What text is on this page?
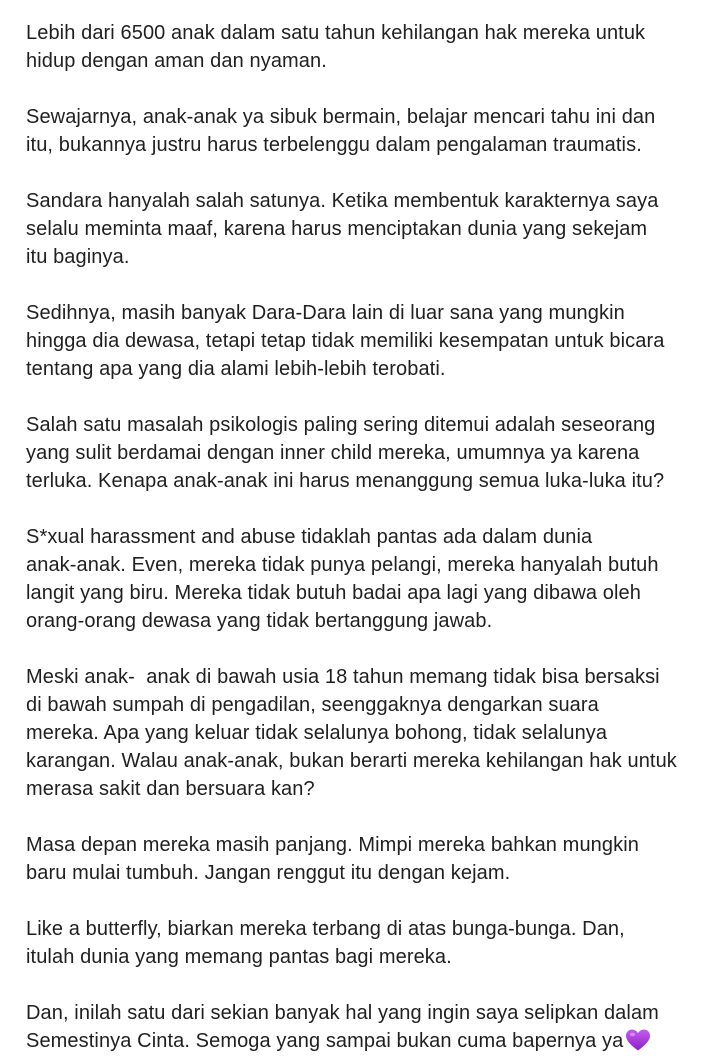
Lebih dari 6500 anak dalam satu tahun kehilangan hak mereka untuk
hidup dengan aman dan nyaman.

Sewajarnya, anak-anak ya sibuk bermain, belajar mencari tahu ini dan
itu, bukannya justru harus terbelenggu dalam pengalaman traumatis.

Sandara hanyalah salah satunya. Ketika membentuk karakternya saya
selalu meminta maaf, karena harus menciptakan dunia yang sekejam
itu baginya.

Sedihnya, masih banyak Dara-Dara lain di luar sana yang mungkin
hingga dia dewasa, tetapi tetap tidak memiliki kesempatan untuk bicara
tentang apa yang dia alami lebih-lebih terobati.

Salah satu masalah psikologis paling sering ditemui adalah seseorang
yang sulit berdamai dengan inner child mereka, umumnya ya karena
terluka. Kenapa anak-anak ini harus menanggung semua luka-luka itu?

S*xual harassment and abuse tidaklah pantas ada dalam dunia
anak-anak. Even, mereka tidak punya pelangi, mereka hanyalah butuh
langit yang biru. Mereka tidak butuh badai apa lagi yang dibawa oleh
orang-orang dewasa yang tidak bertanggung jawab.

Meski anak-  anak di bawah usia 18 tahun memang tidak bisa bersaksi
di bawah sumpah di pengadilan, seenggaknya dengarkan suara
mereka. Apa yang keluar tidak selalunya bohong, tidak selalunya
karangan. Walau anak-anak, bukan berarti mereka kehilangan hak untuk
merasa sakit dan bersuara kan?

Masa depan mereka masih panjang. Mimpi mereka bahkan mungkin
baru mulai tumbuh. Jangan renggut itu dengan kejam.

Like a butterfly, biarkan mereka terbang di atas bunga-bunga. Dan,
itulah dunia yang memang pantas bagi mereka.

Dan, inilah satu dari sekian banyak hal yang ingin saya selipkan dalam
Semestinya Cinta. Semoga yang sampai bukan cuma bapernya ya
